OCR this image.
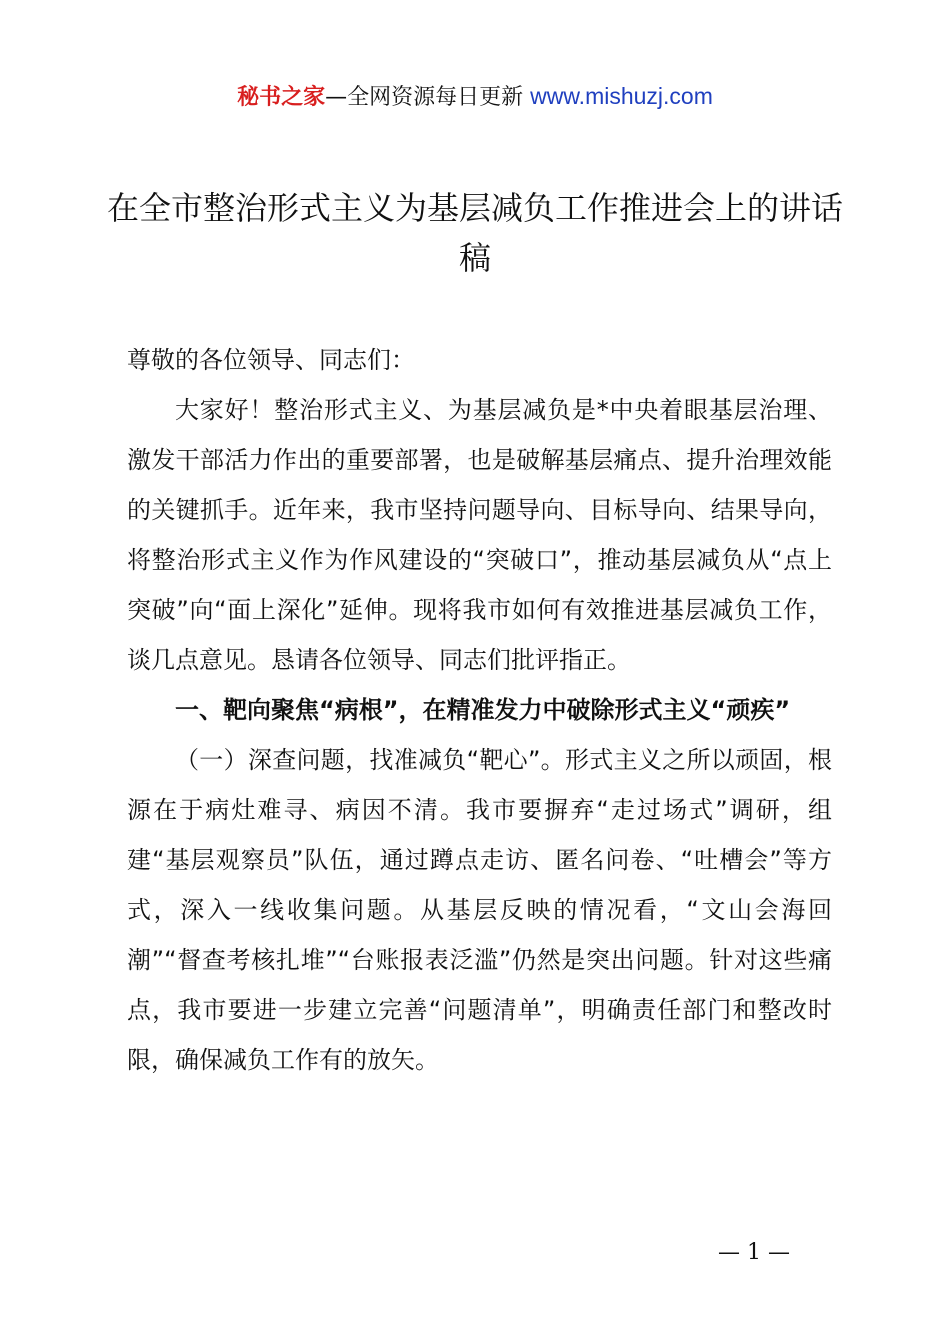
秘书之家—全网资源每日更新 www.mishuzj.com
在全市整治形式主义为基层减负工作推进会上的讲话稿

尊敬的各位领导、同志们：

大家好！整治形式主义、为基层减负是*中央着眼基层治理、激发干部活力作出的重要部署，也是破解基层痛点、提升治理效能的关键抓手。近年来，我市坚持问题导向、目标导向、结果导向，将整治形式主义作为作风建设的“突破口”，推动基层减负从“点上突破”向“面上深化”延伸。现将我市如何有效推进基层减负工作，谈几点意见。恳请各位领导、同志们批评指正。

一、靶向聚焦“病根”，在精准发力中破除形式主义“顽疾”

（一）深查问题，找准减负“靶心”。形式主义之所以顽固，根源在于病灶难寻、病因不清。我市要摒弃“走过场式”调研，组建“基层观察员”队伍，通过蹲点走访、匿名问卷、“吐槽会”等方式，深入一线收集问题。从基层反映的情况看，“文山会海回潮”“督查考核扎堆”“台账报表泛滥”仍然是突出问题。针对这些痛点，我市要进一步建立完善“问题清单”，明确责任部门和整改时限，确保减负工作有的放矢。

— 1 —
